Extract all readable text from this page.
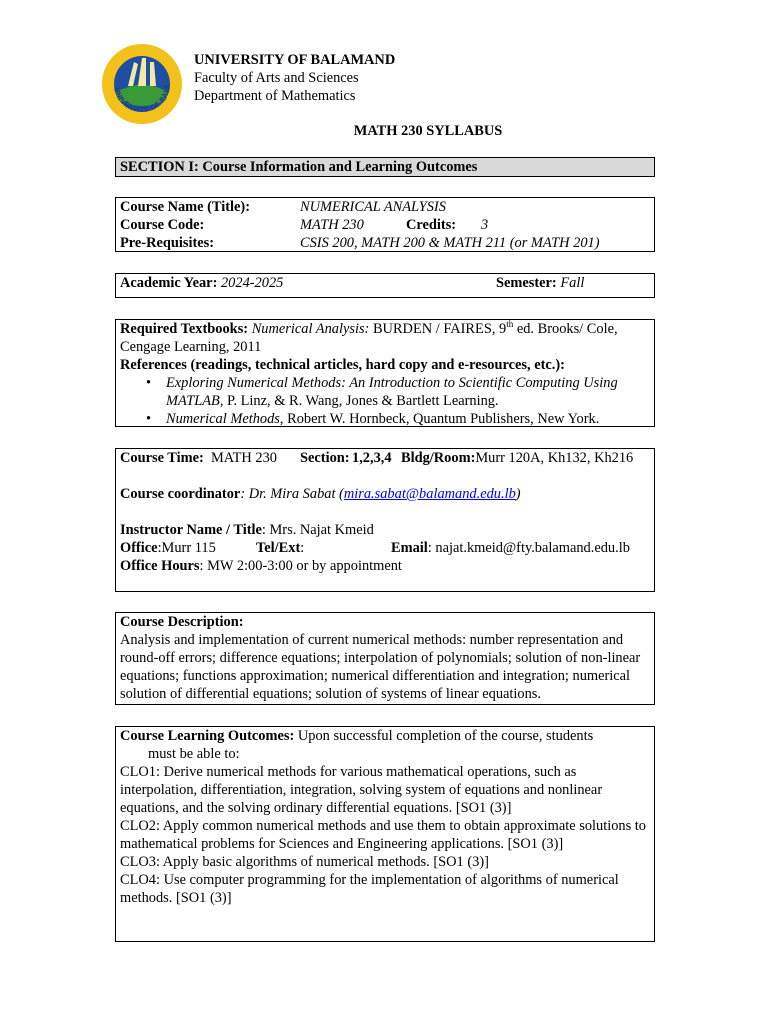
UNIVERSITY OF BALA
UNIVERSITY OF BALAMAND
Faculty of Arts and Sciences
Department of Mathematics
MATH 230 SYLLABUS
SECTION I: Course Information and Learning Outcomes
Course Name (Title):	NUMERICAL ANALYSIS
Course Code:	MATH 230	Credits: 3
Pre-Requisites:	CSIS 200, MATH 200 & MATH 211 (or MATH 201)
Academic Year: 2024-2025	Semester: Fall

Required Textbooks: Numerical Analysis: BURDEN / FAIRES, 9th ed. Brooks/ Cole, Cengage Learning, 2011

References (readings, technical articles, hard copy and e-resources, etc.):

• Exploring Numerical Methods: An Introduction to Scientific Computing Using MATLAB, P. Linz, & R. Wang, Jones & Bartlett Learning.
• Numerical Methods, Robert W. Hornbeck, Quantum Publishers, New York.
Course Time: MATH 230 Section: 1,2,3,4 Bldg/Room: Murr 120A, Kh132, Kh216
Course coordinator: Dr. Mira Sabat (mira.sabat@balamand.edu.lb)
Instructor Name / Title : Mrs. Najat Kmeid
Office :Murr 115	Tel/Ext :	Email : najat.kmeid@fty.balamand.edu.lb
Office Hours : MW 2:00-3:00 or by appointment

Course Description:

Analysis and implementation of current numerical methods: number representation and round-off errors; difference equations; interpolation of polynomials; solution of non-linear equations; functions approximation; numerical differentiation and integration; numerical solution of differential equations; solution of systems of linear equations.

Course Learning Outcomes: Upon successful completion of the course, students

must be able to:

CLO1: Derive numerical methods for various mathematical operations, such as interpolation, differentiation, integration, solving system of equations and nonlinear equations, and the solving ordinary differential equations. [SO1 (3)]

CLO2: Apply common numerical methods and use them to obtain approximate solutions to mathematical problems for Sciences and Engineering applications. [SO1 (3)]

CLO3: Apply basic algorithms of numerical methods. [SO1 (3)]

CLO4: Use computer programming for the implementation of algorithms of numerical methods. [SO1 (3)]
